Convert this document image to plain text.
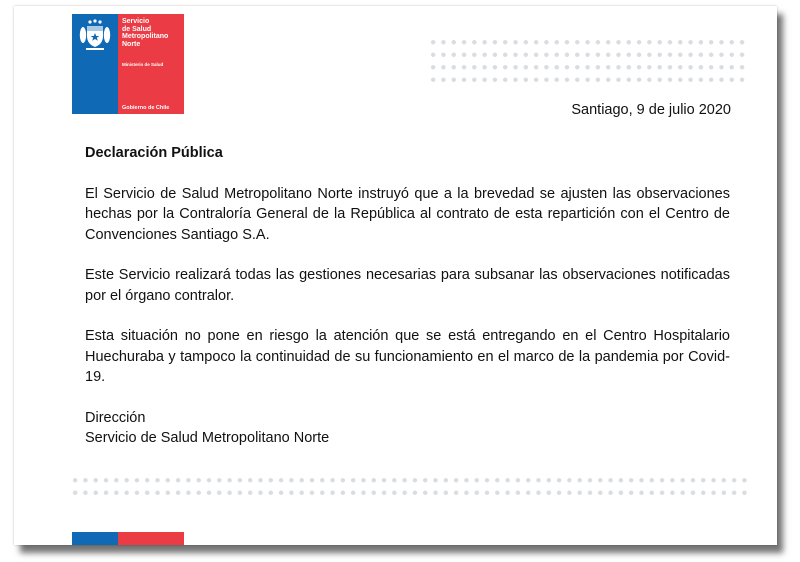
Servicio
de Salud
Metropolitano
Norte
Ministerio de Salud
Gobierno de Chile	Santiago, 9 de julio 2020

Declaración Pública

El Servicio de Salud Metropolitano Norte instruyó que a la brevedad se ajusten las observaciones hechas por la Contraloría General de la República al contrato de esta repartición con el Centro de Convenciones Santiago S.A.

Este Servicio realizará todas las gestiones necesarias para subsanar las observaciones notificadas por el órgano contralor.

Esta situación no pone en riesgo la atención que se está entregando en el Centro Hospitalario Huechuraba y tampoco la continuidad de su funcionamiento en el marco de la pandemia por Covid-19.

Dirección

Servicio de Salud Metropolitano Norte
